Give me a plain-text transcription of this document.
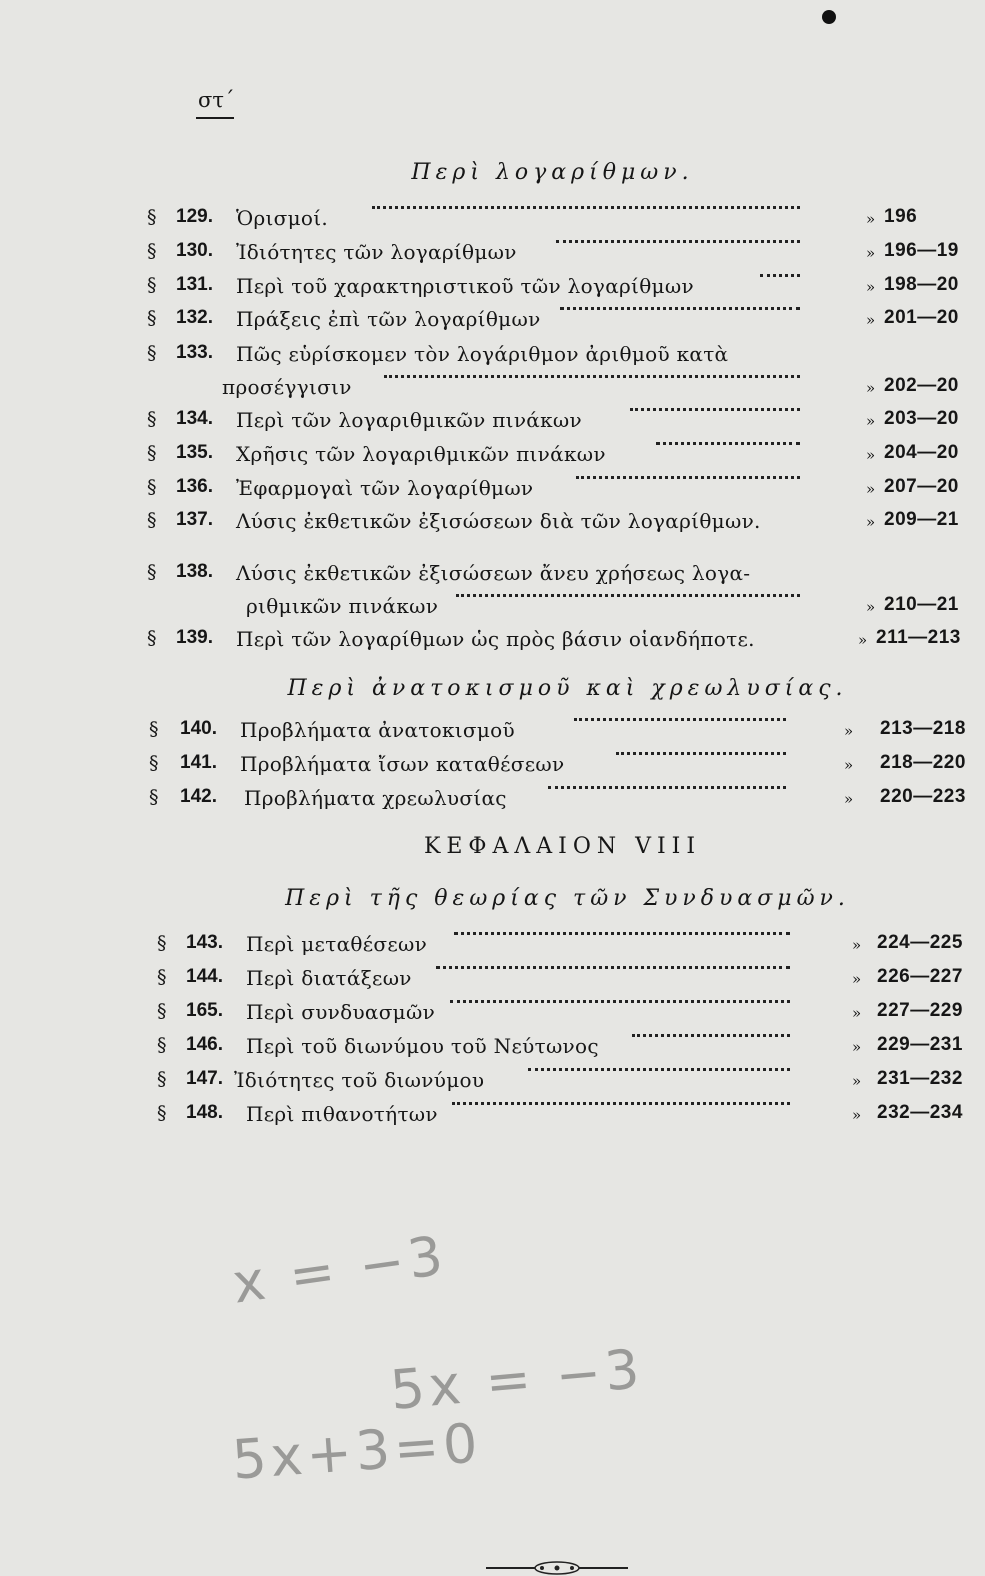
στ΄
Περὶ λογαρίθμων.
§ 129. Ὁρισμοί.	» 196
§ 130. Ἰδιότητες τῶν λογαρίθμων	» 196—19
§ 131. Περὶ τοῦ χαρακτηριστικοῦ τῶν λογαρίθμων	» 198—20
§ 132. Πράξεις ἐπὶ τῶν λογαρίθμων	» 201—20
§ 133. Πῶς εὑρίσκομεν τὸν λογάριθμον ἀριθμοῦ κατὰ
προσέγγισιν	» 202—20
§ 134. Περὶ τῶν λογαριθμικῶν πινάκων	» 203—20
§ 135. Χρῆσις τῶν λογαριθμικῶν πινάκων	» 204—20
§ 136. Ἐφαρμογαὶ τῶν λογαρίθμων	» 207—20
§ 137. Λύσις ἐκθετικῶν ἐξισώσεων διὰ τῶν λογαρίθμων.	» 209—21
§ 138. Λύσις ἐκθετικῶν ἐξισώσεων ἄνευ χρήσεως λογα-
ριθμικῶν πινάκων	» 210—21
§ 139. Περὶ τῶν λογαρίθμων ὡς πρὸς βάσιν οἱανδήποτε.	» 211—213
Περὶ ἀνατοκισμοῦ καὶ χρεωλυσίας.
§ 140. Προβλήματα ἀνατοκισμοῦ	» 213—218
§ 141. Προβλήματα ἴσων καταθέσεων	» 218—220
§ 142. Προβλήματα χρεωλυσίας	» 220—223
ΚΕΦΑΛΑΙΟΝ VIII
Περὶ τῆς θεωρίας τῶν Συνδυασμῶν.
§ 143. Περὶ μεταθέσεων	» 224—225
§ 144. Περὶ διατάξεων	» 226—227
§ 165. Περὶ συνδυασμῶν	» 227—229
§ 146. Περὶ τοῦ διωνύμου τοῦ Νεύτωνος	» 229—231
§ 147. Ἰδιότητες τοῦ διωνύμου	» 231—232
§ 148. Περὶ πιθανοτήτων	» 232—234
x = −3
5x = −3
5x+3=0
